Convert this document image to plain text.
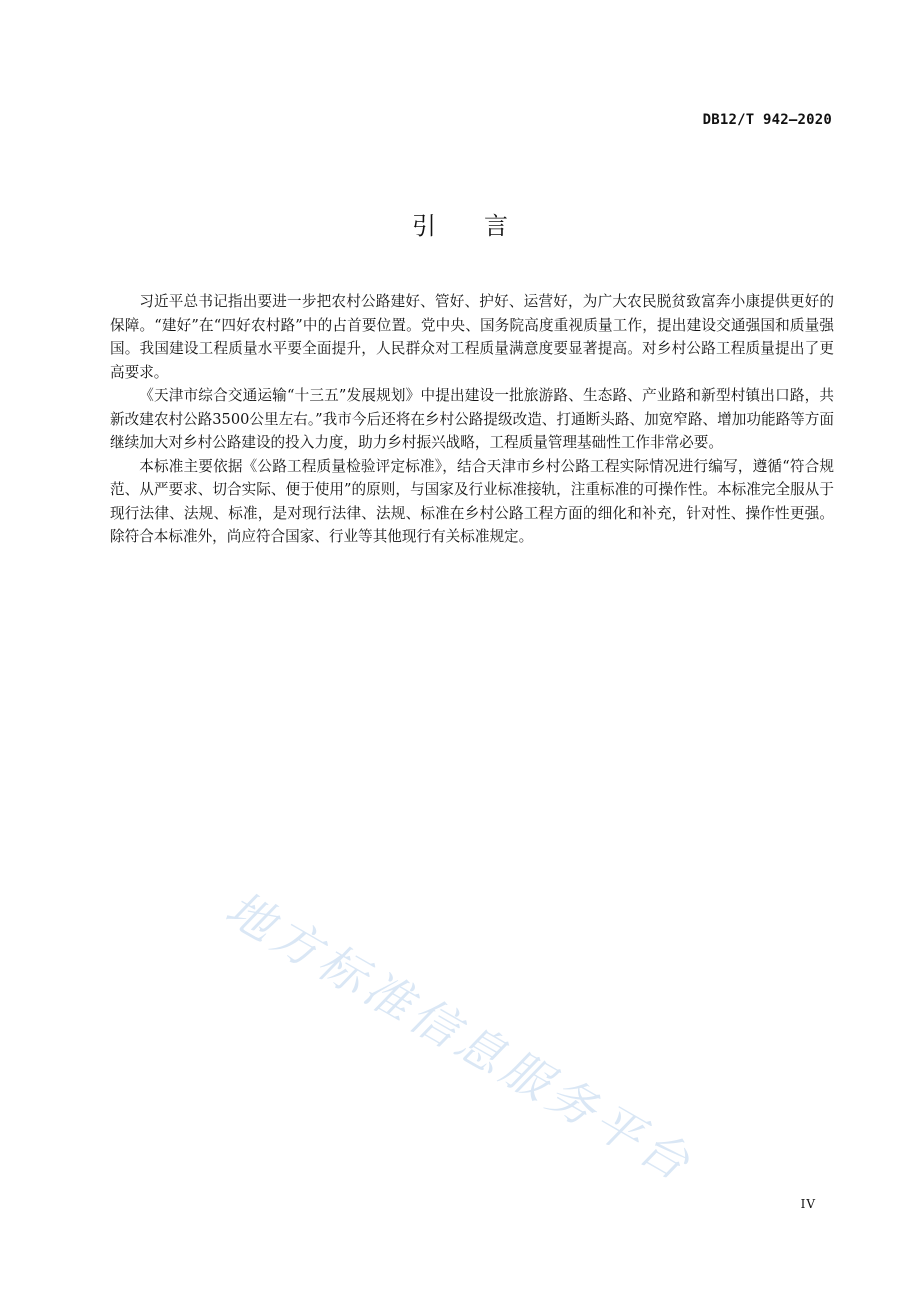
DB12/T 942—2020
引言

习近平总书记指出要进一步把农村公路建好、管好、护好、运营好，为广大农民脱贫致富奔小康提供更好的保障。“建好”在“四好农村路”中的占首要位置。党中央、国务院高度重视质量工作，提出建设交通强国和质量强国。我国建设工程质量水平要全面提升，人民群众对工程质量满意度要显著提高。对乡村公路工程质量提出了更高要求。

《天津市综合交通运输“十三五”发展规划》中提出建设一批旅游路、生态路、产业路和新型村镇出口路，共新改建农村公路3500公里左右。”我市今后还将在乡村公路提级改造、打通断头路、加宽窄路、增加功能路等方面继续加大对乡村公路建设的投入力度，助力乡村振兴战略，工程质量管理基础性工作非常必要。

本标准主要依据《公路工程质量检验评定标准》，结合天津市乡村公路工程实际情况进行编写，遵循“符合规范、从严要求、切合实际、便于使用”的原则，与国家及行业标准接轨，注重标准的可操作性。本标准完全服从于现行法律、法规、标准，是对现行法律、法规、标准在乡村公路工程方面的细化和补充，针对性、操作性更强。除符合本标准外，尚应符合国家、行业等其他现行有关标准规定。

地方标准信息服务平台
IV
